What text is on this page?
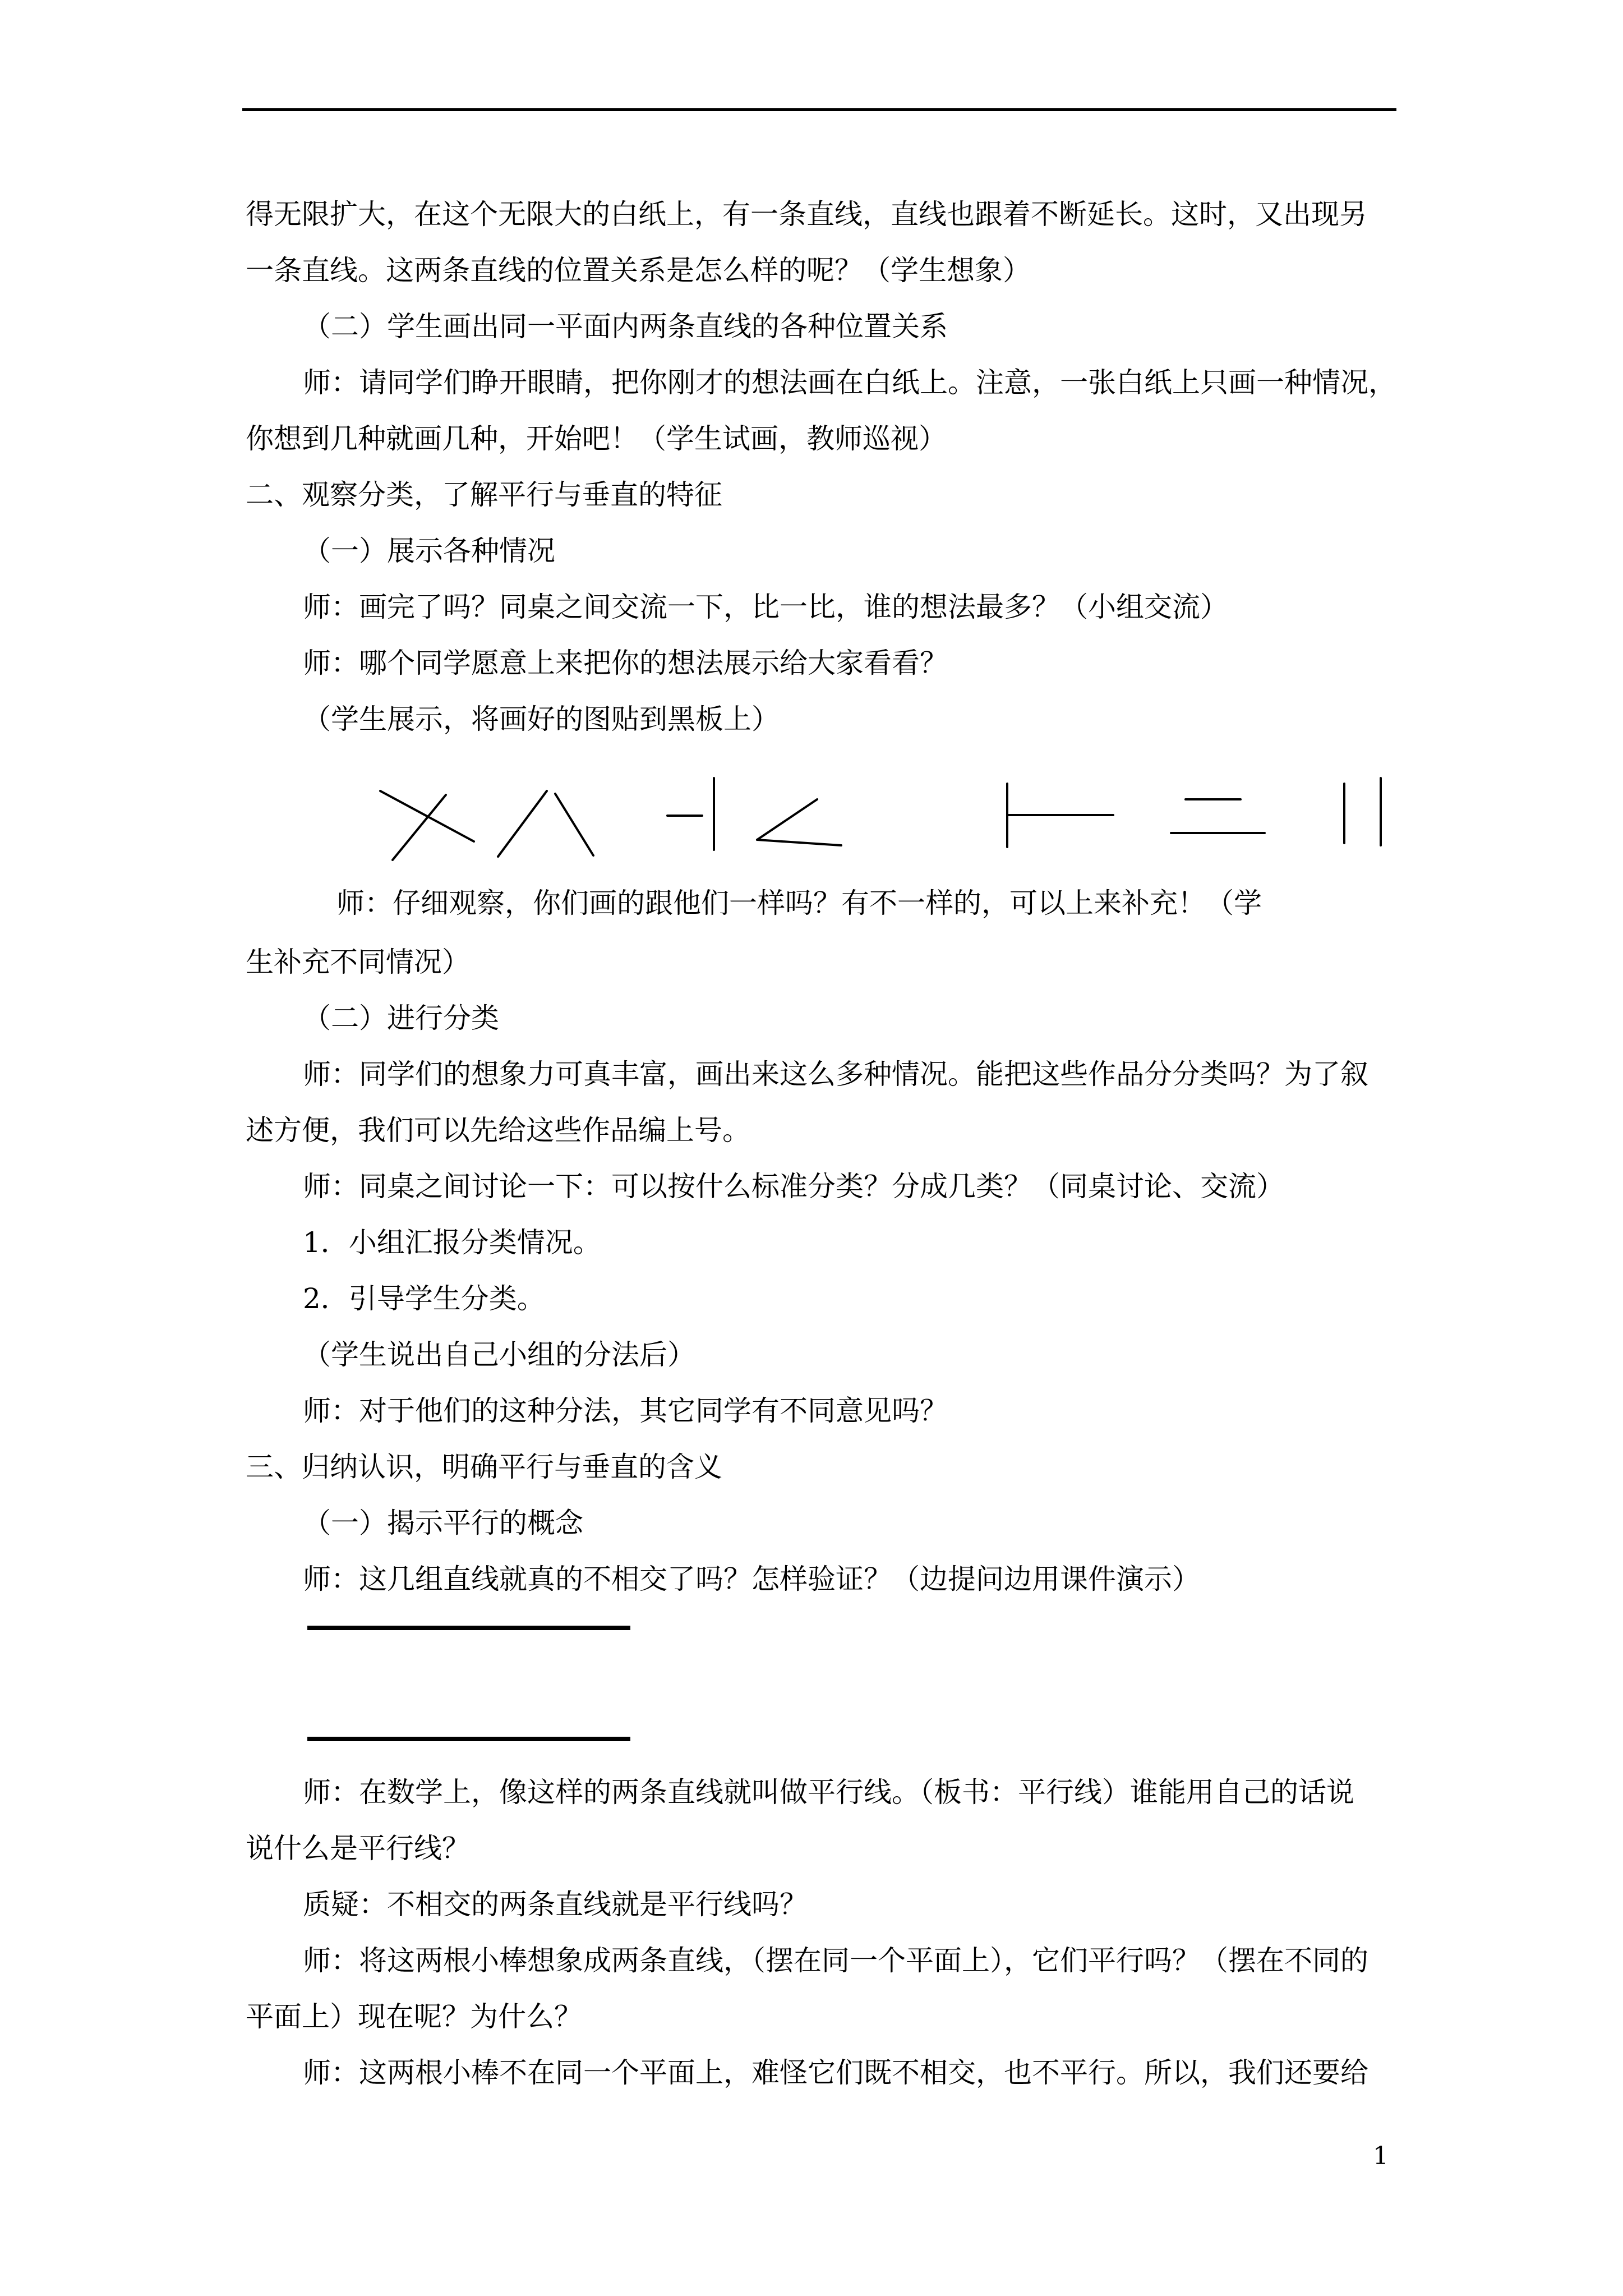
得无限扩大，在这个无限大的白纸上，有一条直线，直线也跟着不断延长。这时，又出现另
一条直线。这两条直线的位置关系是怎么样的呢？（学生想象）
（二）学生画出同一平面内两条直线的各种位置关系
师：请同学们睁开眼睛，把你刚才的想法画在白纸上。注意，一张白纸上只画一种情况，
你想到几种就画几种，开始吧！（学生试画，教师巡视）
二、观察分类，了解平行与垂直的特征
（一）展示各种情况
师：画完了吗？同桌之间交流一下，比一比，谁的想法最多？（小组交流）
师：哪个同学愿意上来把你的想法展示给大家看看？
（学生展示，将画好的图贴到黑板上）
师：仔细观察，你们画的跟他们一样吗？有不一样的，可以上来补充！（学
生补充不同情况）
（二）进行分类
师：同学们的想象力可真丰富，画出来这么多种情况。能把这些作品分分类吗？为了叙
述方便，我们可以先给这些作品编上号。
师：同桌之间讨论一下：可以按什么标准分类？分成几类？（同桌讨论、交流）
1．小组汇报分类情况。
2．引导学生分类。
（学生说出自己小组的分法后）
师：对于他们的这种分法，其它同学有不同意见吗？
三、归纳认识，明确平行与垂直的含义
（一）揭示平行的概念
师：这几组直线就真的不相交了吗？怎样验证？（边提问边用课件演示）
师：在数学上，像这样的两条直线就叫做平行线。（板书：平行线）谁能用自己的话说
说什么是平行线？
质疑：不相交的两条直线就是平行线吗？
师：将这两根小棒想象成两条直线，（摆在同一个平面上），它们平行吗？（摆在不同的
平面上）现在呢？为什么？
师：这两根小棒不在同一个平面上，难怪它们既不相交，也不平行。所以，我们还要给
1
